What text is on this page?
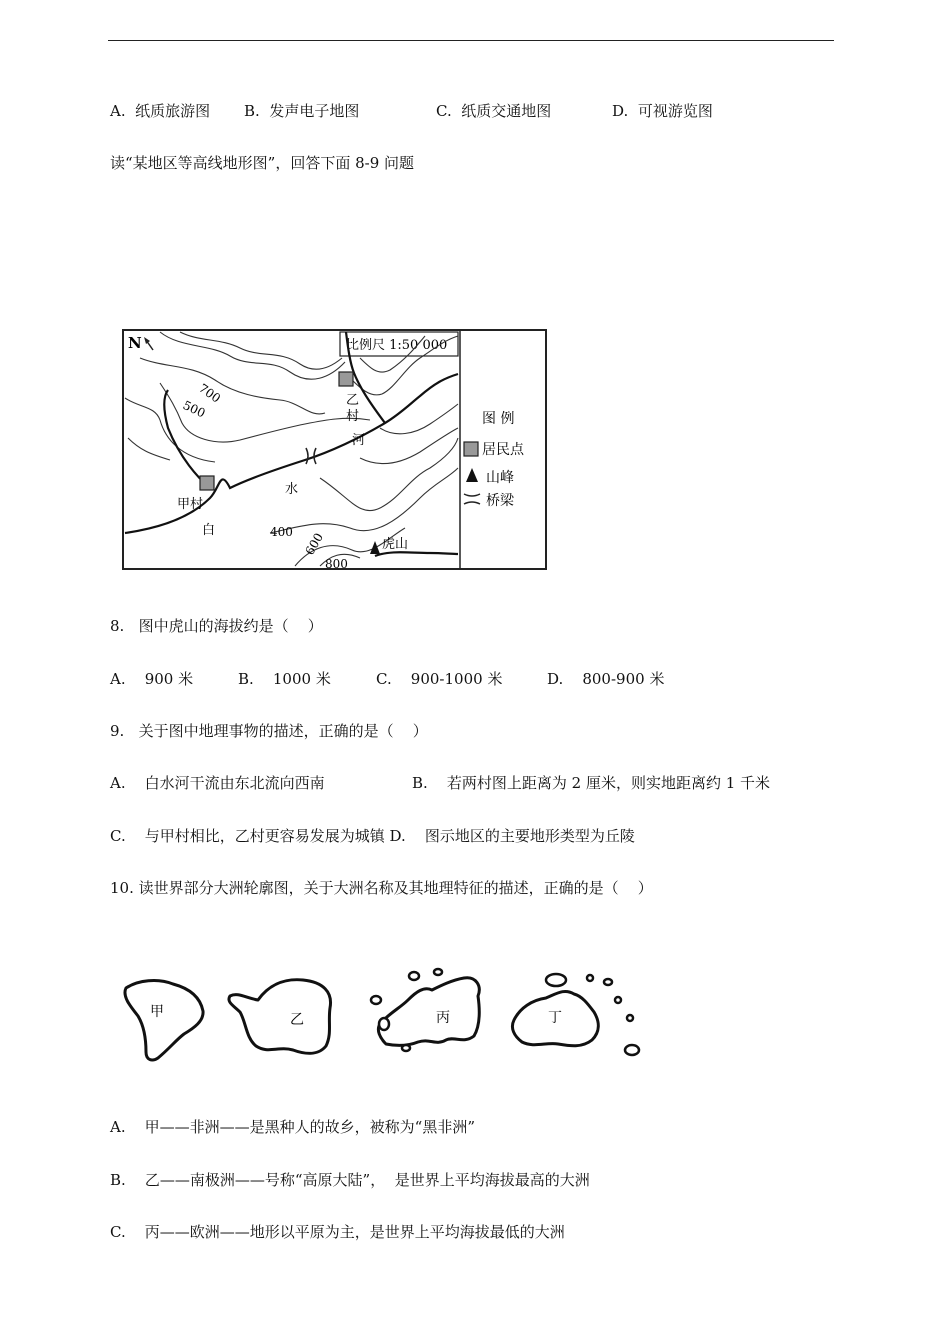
A. 纸质旅游图 B. 发声电子地图	C. 纸质交通地图	D. 可视游览图
读“某地区等高线地形图”，回答下面 8-9 问题
比例尺 1:50 000
N
700
500
甲村
乙
村
河
水
白	400 600
800
虎山
图 例
居民点
山峰
桥梁
8.   图中虎山的海拔约是（    ）
A. 900 米	B. 1000 米	C. 900-1000 米	D. 800-900 米
9.   关于图中地理事物的描述，正确的是（    ）
A.    白水河干流由东北流向西南	B.    若两村图上距离为 2 厘米，则实地距离约 1 千米
C.    与甲村相比，乙村更容易发展为城镇 D.    图示地区的主要地形类型为丘陵
10. 读世界部分大洲轮廓图，关于大洲名称及其地理特征的描述，正确的是（    ）
甲	乙	丙	丁
A.    甲——非洲——是黑种人的故乡，被称为“黑非洲”
B.    乙——南极洲——号称“高原大陆”，  是世界上平均海拔最高的大洲
C.    丙——欧洲——地形以平原为主，是世界上平均海拔最低的大洲
